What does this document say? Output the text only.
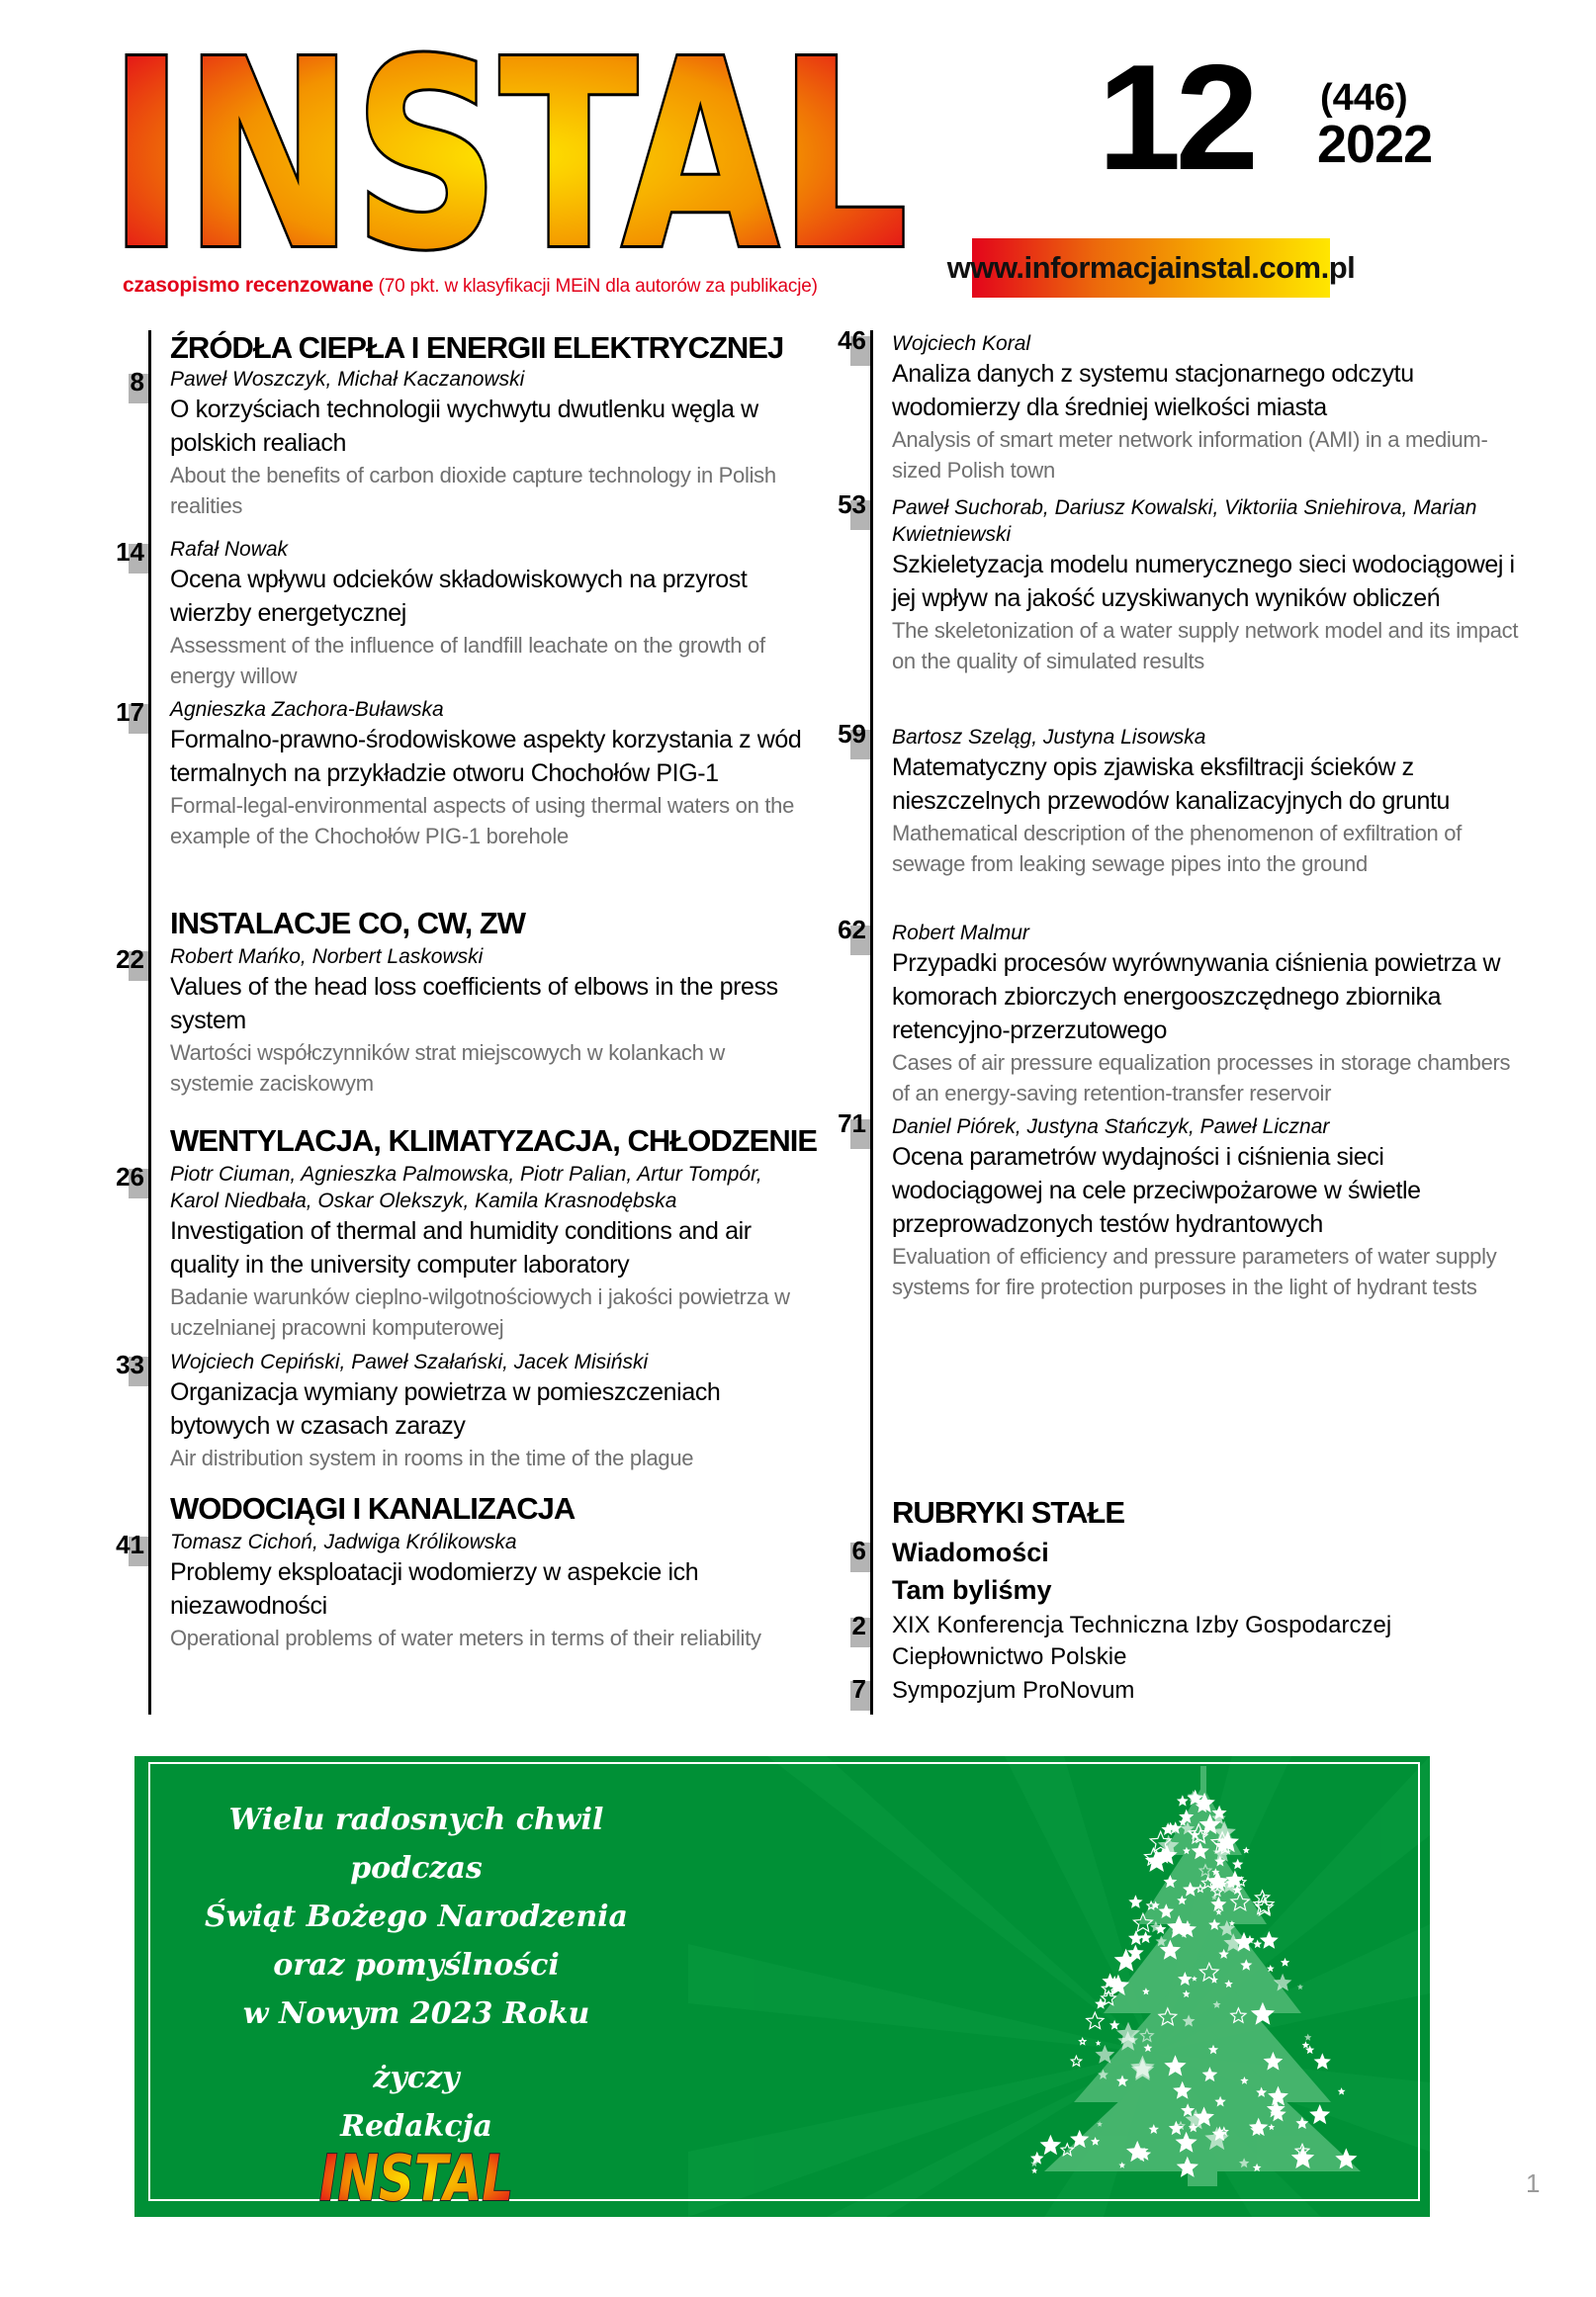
INSTAL
czasopismo recenzowane (70 pkt. w klasyfikacji MEiN dla autorów za publikacje)
12 (446)
2022
www.informacjainstal.com.pl
ŹRÓDŁA CIEPŁA I ENERGII ELEKTRYCZNEJ
8 Paweł Woszczyk, Michał Kaczanowski
O korzyściach technologii wychwytu dwutlenku węgla w polskich realiach
About the benefits of carbon dioxide capture technology in Polish realities
14 Rafał Nowak
Ocena wpływu odcieków składowiskowych na przyrost wierzby energetycznej
Assessment of the influence of landfill leachate on the growth of energy willow
17 Agnieszka Zachora-Buławska
Formalno-prawno-środowiskowe aspekty korzystania z wód termalnych na przykładzie otworu Chochołów PIG-1
Formal-legal-environmental aspects of using thermal waters on the example of the Chochołów PIG-1 borehole
INSTALACJE CO, CW, ZW
22 Robert Mańko, Norbert Laskowski
Values of the head loss coefficients of elbows in the press system
Wartości współczynników strat miejscowych w kolankach w systemie zaciskowym
WENTYLACJA, KLIMATYZACJA, CHŁODZENIE
26 Piotr Ciuman, Agnieszka Palmowska, Piotr Palian, Artur Tompór, Karol Niedbała, Oskar Olekszyk, Kamila Krasnodębska
Investigation of thermal and humidity conditions and air quality in the university computer laboratory
Badanie warunków cieplno-wilgotnościowych i jakości powietrza w uczelnianej pracowni komputerowej
33 Wojciech Cepiński, Paweł Szałański, Jacek Misiński
Organizacja wymiany powietrza w pomieszczeniach bytowych w czasach zarazy
Air distribution system in rooms in the time of the plague
WODOCIĄGI I KANALIZACJA
41 Tomasz Cichoń, Jadwiga Królikowska
Problemy eksploatacji wodomierzy w aspekcie ich niezawodności
Operational problems of water meters in terms of their reliability
46 Wojciech Koral
Analiza danych z systemu stacjonarnego odczytu wodomierzy dla średniej wielkości miasta
Analysis of smart meter network information (AMI) in a medium-sized Polish town
53 Paweł Suchorab, Dariusz Kowalski, Viktoriia Sniehirova, Marian Kwietniewski
Szkieletyzacja modelu numerycznego sieci wodociągowej i jej wpływ na jakość uzyskiwanych wyników obliczeń
The skeletonization of a water supply network model and its impact on the quality of simulated results
59 Bartosz Szeląg, Justyna Lisowska
Matematyczny opis zjawiska eksfiltracji ścieków z nieszczelnych przewodów kanalizacyjnych do gruntu
Mathematical description of the phenomenon of exfiltration of sewage from leaking sewage pipes into the ground
62 Robert Malmur
Przypadki procesów wyrównywania ciśnienia powietrza w komorach zbiorczych energooszczędnego zbiornika retencyjno-przerzutowego
Cases of air pressure equalization processes in storage chambers of an energy-saving retention-transfer reservoir
71 Daniel Piórek, Justyna Stańczyk, Paweł Licznar
Ocena parametrów wydajności i ciśnienia sieci wodociągowej na cele przeciwpożarowe w świetle przeprowadzonych testów hydrantowych
Evaluation of efficiency and pressure parameters of water supply systems for fire protection purposes in the light of hydrant tests
RUBRYKI STAŁE
6 Wiadomości
Tam byliśmy
2 XIX Konferencja Techniczna Izby Gospodarczej Ciepłownictwo Polskie
7 Sympozjum ProNovum
Wielu radosnych chwil
podczas
Świąt Bożego Narodzenia
oraz pomyślności
w Nowym 2023 Roku
życzy
Redakcja
INSTAL	1
